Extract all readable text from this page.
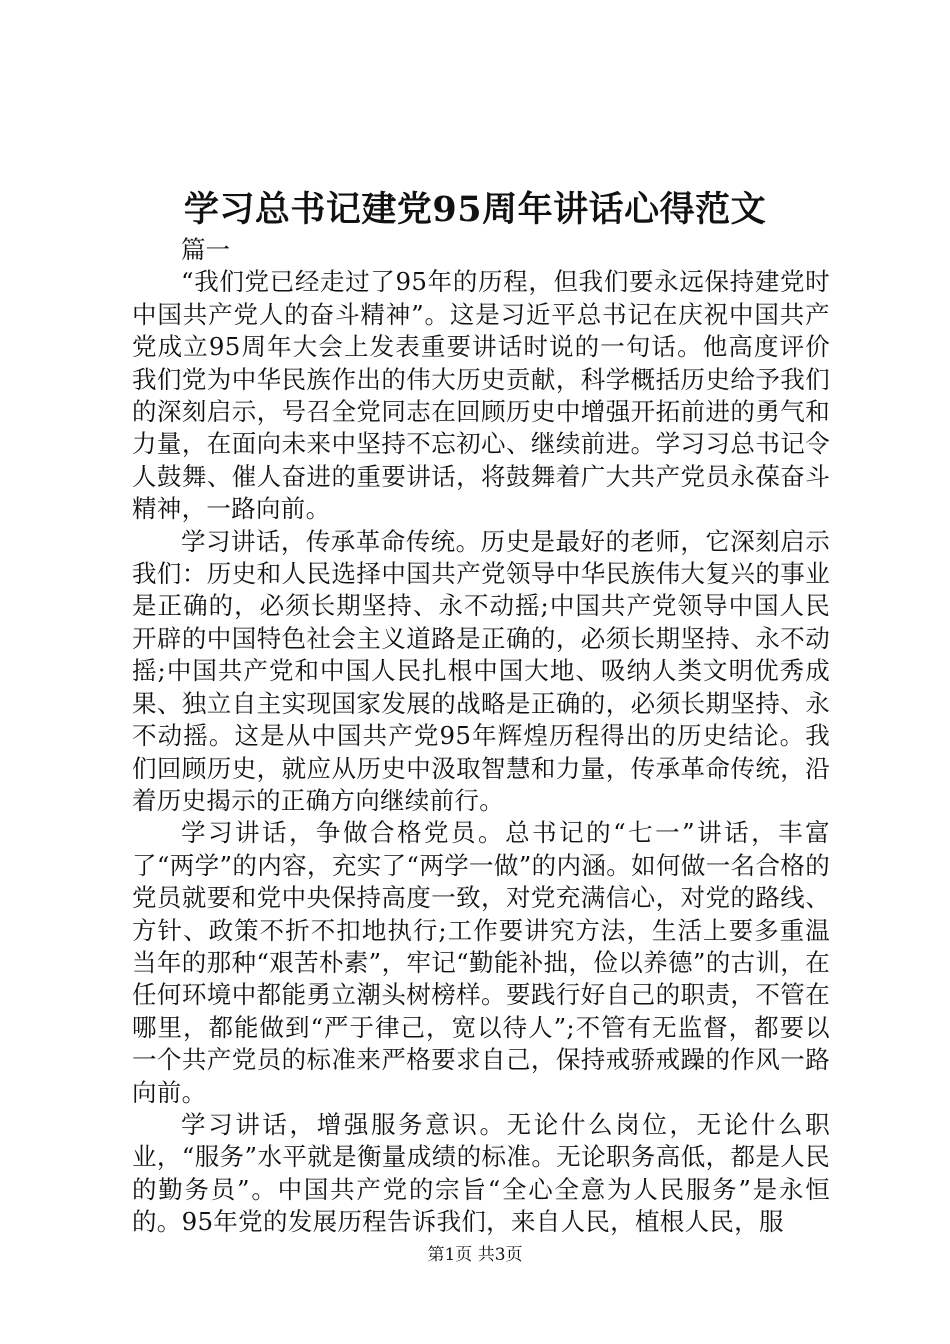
学习总书记建党95周年讲话心得范文

篇一

“我们党已经走过了95年的历程，但我们要永远保持建党时中国共产党人的奋斗精神”。这是习近平总书记在庆祝中国共产党成立95周年大会上发表重要讲话时说的一句话。他高度评价我们党为中华民族作出的伟大历史贡献，科学概括历史给予我们的深刻启示，号召全党同志在回顾历史中增强开拓前进的勇气和力量，在面向未来中坚持不忘初心、继续前进。学习习总书记令人鼓舞、催人奋进的重要讲话，将鼓舞着广大共产党员永葆奋斗精神，一路向前。

学习讲话，传承革命传统。历史是最好的老师，它深刻启示我们：历史和人民选择中国共产党领导中华民族伟大复兴的事业是正确的，必须长期坚持、永不动摇;中国共产党领导中国人民开辟的中国特色社会主义道路是正确的，必须长期坚持、永不动摇;中国共产党和中国人民扎根中国大地、吸纳人类文明优秀成果、独立自主实现国家发展的战略是正确的，必须长期坚持、永不动摇。这是从中国共产党95年辉煌历程得出的历史结论。我们回顾历史，就应从历史中汲取智慧和力量，传承革命传统，沿着历史揭示的正确方向继续前行。

学习讲话，争做合格党员。总书记的“七一”讲话，丰富了“两学”的内容，充实了“两学一做”的内涵。如何做一名合格的党员就要和党中央保持高度一致，对党充满信心，对党的路线、方针、政策不折不扣地执行;工作要讲究方法，生活上要多重温当年的那种“艰苦朴素”，牢记“勤能补拙，俭以养德”的古训，在任何环境中都能勇立潮头树榜样。要践行好自己的职责，不管在哪里，都能做到“严于律己，宽以待人”;不管有无监督，都要以一个共产党员的标准来严格要求自己，保持戒骄戒躁的作风一路向前。

学习讲话，增强服务意识。无论什么岗位，无论什么职业，“服务”水平就是衡量成绩的标准。无论职务高低，都是人民的勤务员”。中国共产党的宗旨“全心全意为人民服务”是永恒的。95年党的发展历程告诉我们，来自人民，植根人民，服

第1页 共3页
